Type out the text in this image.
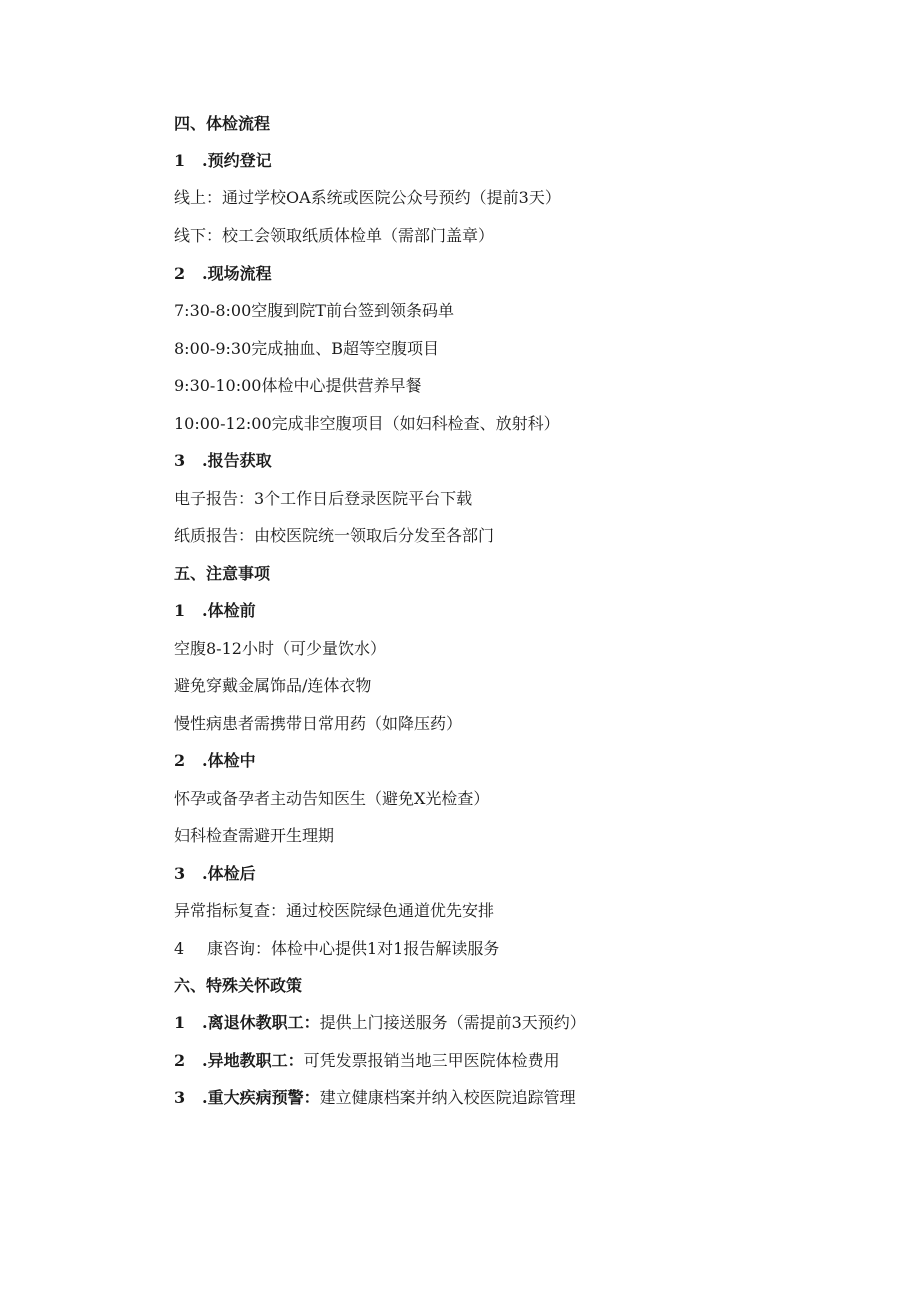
四、体检流程
1 .预约登记
线上：通过学校OA系统或医院公众号预约（提前3天）
线下：校工会领取纸质体检单（需部门盖章）
2 .现场流程
7:30-8:00空腹到院T前台签到领条码单
8:00-9:30完成抽血、B超等空腹项目
9:30-10:00体检中心提供营养早餐
10:00-12:00完成非空腹项目（如妇科检查、放射科）
3 .报告获取
电子报告：3个工作日后登录医院平台下载
纸质报告：由校医院统一领取后分发至各部门
五、注意事项
1 .体检前
空腹8-12小时（可少量饮水）
避免穿戴金属饰品/连体衣物
慢性病患者需携带日常用药（如降压药）
2 .体检中
怀孕或备孕者主动告知医生（避免X光检查）
妇科检查需避开生理期
3 .体检后
异常指标复查：通过校医院绿色通道优先安排
4 康咨询：体检中心提供1对1报告解读服务
六、特殊关怀政策
1 .离退休教职工：提供上门接送服务（需提前3天预约）
2 .异地教职工：可凭发票报销当地三甲医院体检费用
3 .重大疾病预警：建立健康档案并纳入校医院追踪管理
